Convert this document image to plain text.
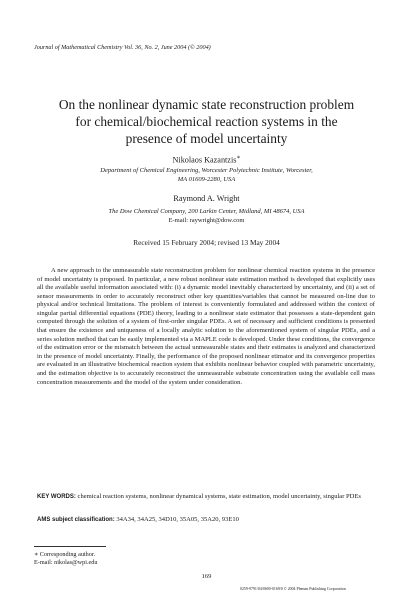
Journal of Mathematical Chemistry Vol. 36, No. 2, June 2004 (© 2004)
On the nonlinear dynamic state reconstruction problem
for chemical/biochemical reaction systems in the
presence of model uncertainty
Nikolaos Kazantzis∗
Department of Chemical Engineering, Worcester Polytechnic Institute, Worcester,
MA 01609-2280, USA
Raymond A. Wright
The Dow Chemical Company, 200 Larkin Center, Midland, MI 48674, USA
E-mail: raywright@dow.com
Received 15 February 2004; revised 13 May 2004

A new approach to the unmeasurable state reconstruction problem for nonlinear chemical reaction systems in the presence of model uncertainty is proposed. In particular, a new robust nonlinear state estimation method is developed that explicitly uses all the available useful information associated with: (i) a dynamic model inevitably characterized by uncertainty, and (ii) a set of sensor measurements in order to accurately reconstruct other key quantities/variables that cannot be measured on-line due to physical and/or technical limitations. The problem of interest is conveniently formulated and addressed within the context of singular partial differential equations (PDE) theory, leading to a nonlinear state estimator that possesses a state-dependent gain computed through the solution of a system of first-order singular PDEs. A set of necessary and sufficient conditions is presented that ensure the existence and uniqueness of a locally analytic solution to the aforementioned system of singular PDEs, and a series solution method that can be easily implemented via a MAPLE code is developed. Under these conditions, the convergence of the estimation error or the mismatch between the actual unmeasurable states and their estimates is analyzed and characterized in the presence of model uncertainty. Finally, the performance of the proposed nonlinear etimator and its convergence properties are evaluated in an illustrative biochemical reaction system that exhibits nonlinear behavior coupled with parametric uncertainty, and the estimation objective is to accurately reconstruct the unmeasurable substrate concentration using the available cell mass concentration measurements and the model of the system under consideration.

KEY WORDS: chemical reaction systems, nonlinear dynamical systems, state estimation, model uncertainty, singular PDEs
AMS subject classification: 34A34, 34A25, 34D10, 35A05, 35A20, 93E10
∗ Corresponding author.
E-mail: nikolas@wpi.edu
169
0259-9791/04/0600-0169/0 © 2004 Plenum Publishing Corporation
